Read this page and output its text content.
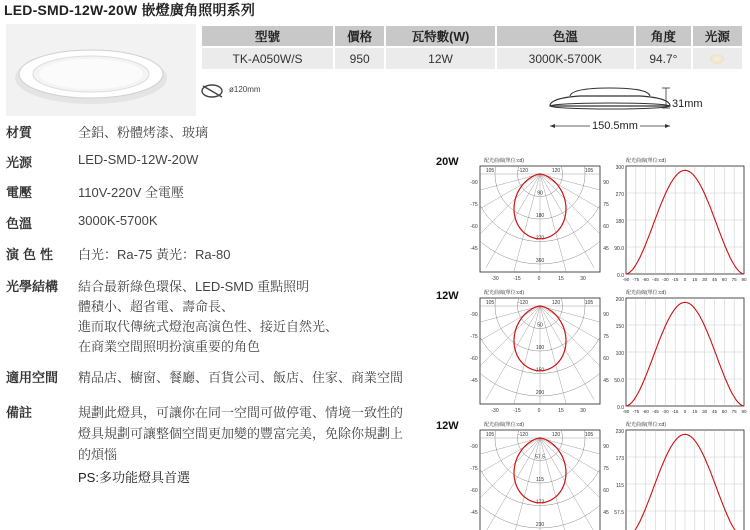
LED-SMD-12W-20W 嵌燈廣角照明系列
型號	價格	瓦特數(W)	色溫	角度	光源
TK-A050W/S	950	12W	3000K-5700K	94.7°	
ø120mm
31mm
150.5mm
材質	全鋁、粉體烤漆、玻璃
光源	LED-SMD-12W-20W
電壓	110V-220V 全電壓
色溫	3000K-5700K
演色性	白光：Ra-75 黃光：Ra-80
光學結構	結合最新綠色環保、LED-SMD 重點照明
體積小、超省電、壽命長、
進而取代傳統式燈泡高演色性、接近自然光、
在商業空間照明扮演重要的角色
適用空間	精品店、櫥窗、餐廳、百貨公司、飯店、住家、商業空間
備註	規劃此燈具，可讓你在同一空間可做停電、情境一致性的
燈具規劃可讓整個空間更加變的豐富完美，免除你規劃上
的煩惱
PS:多功能燈具首選
20W
12W
12W
配光曲線(單位:cd)
90
180
270
360
105	-120	120	105
-90
-75
-60
-45
90
75
60
45
-30	-15	0	15	30
配光曲線(單位:cd)
300
270
180
90.0
0.0
-90 -75 -60 -45 -30 -15 0 15 30 45 60 75 90
配光曲線(單位:cd)
50
100
150
200
105	-120	120	105
-90
-75
-60
-45
90
75
60
45
-30	-15	0	15	30
配光曲線(單位:cd)
200
150
100
50.0
0.0
-90 -75 -60 -45 -30 -15 0 15 30 45 60 75 90
配光曲線(單位:cd)
57.5
115
173
230
105	-120	120	105
-90
-75
-60
-45
90
75
60
45
配光曲線(單位:cd)
230
173
115
57.5
